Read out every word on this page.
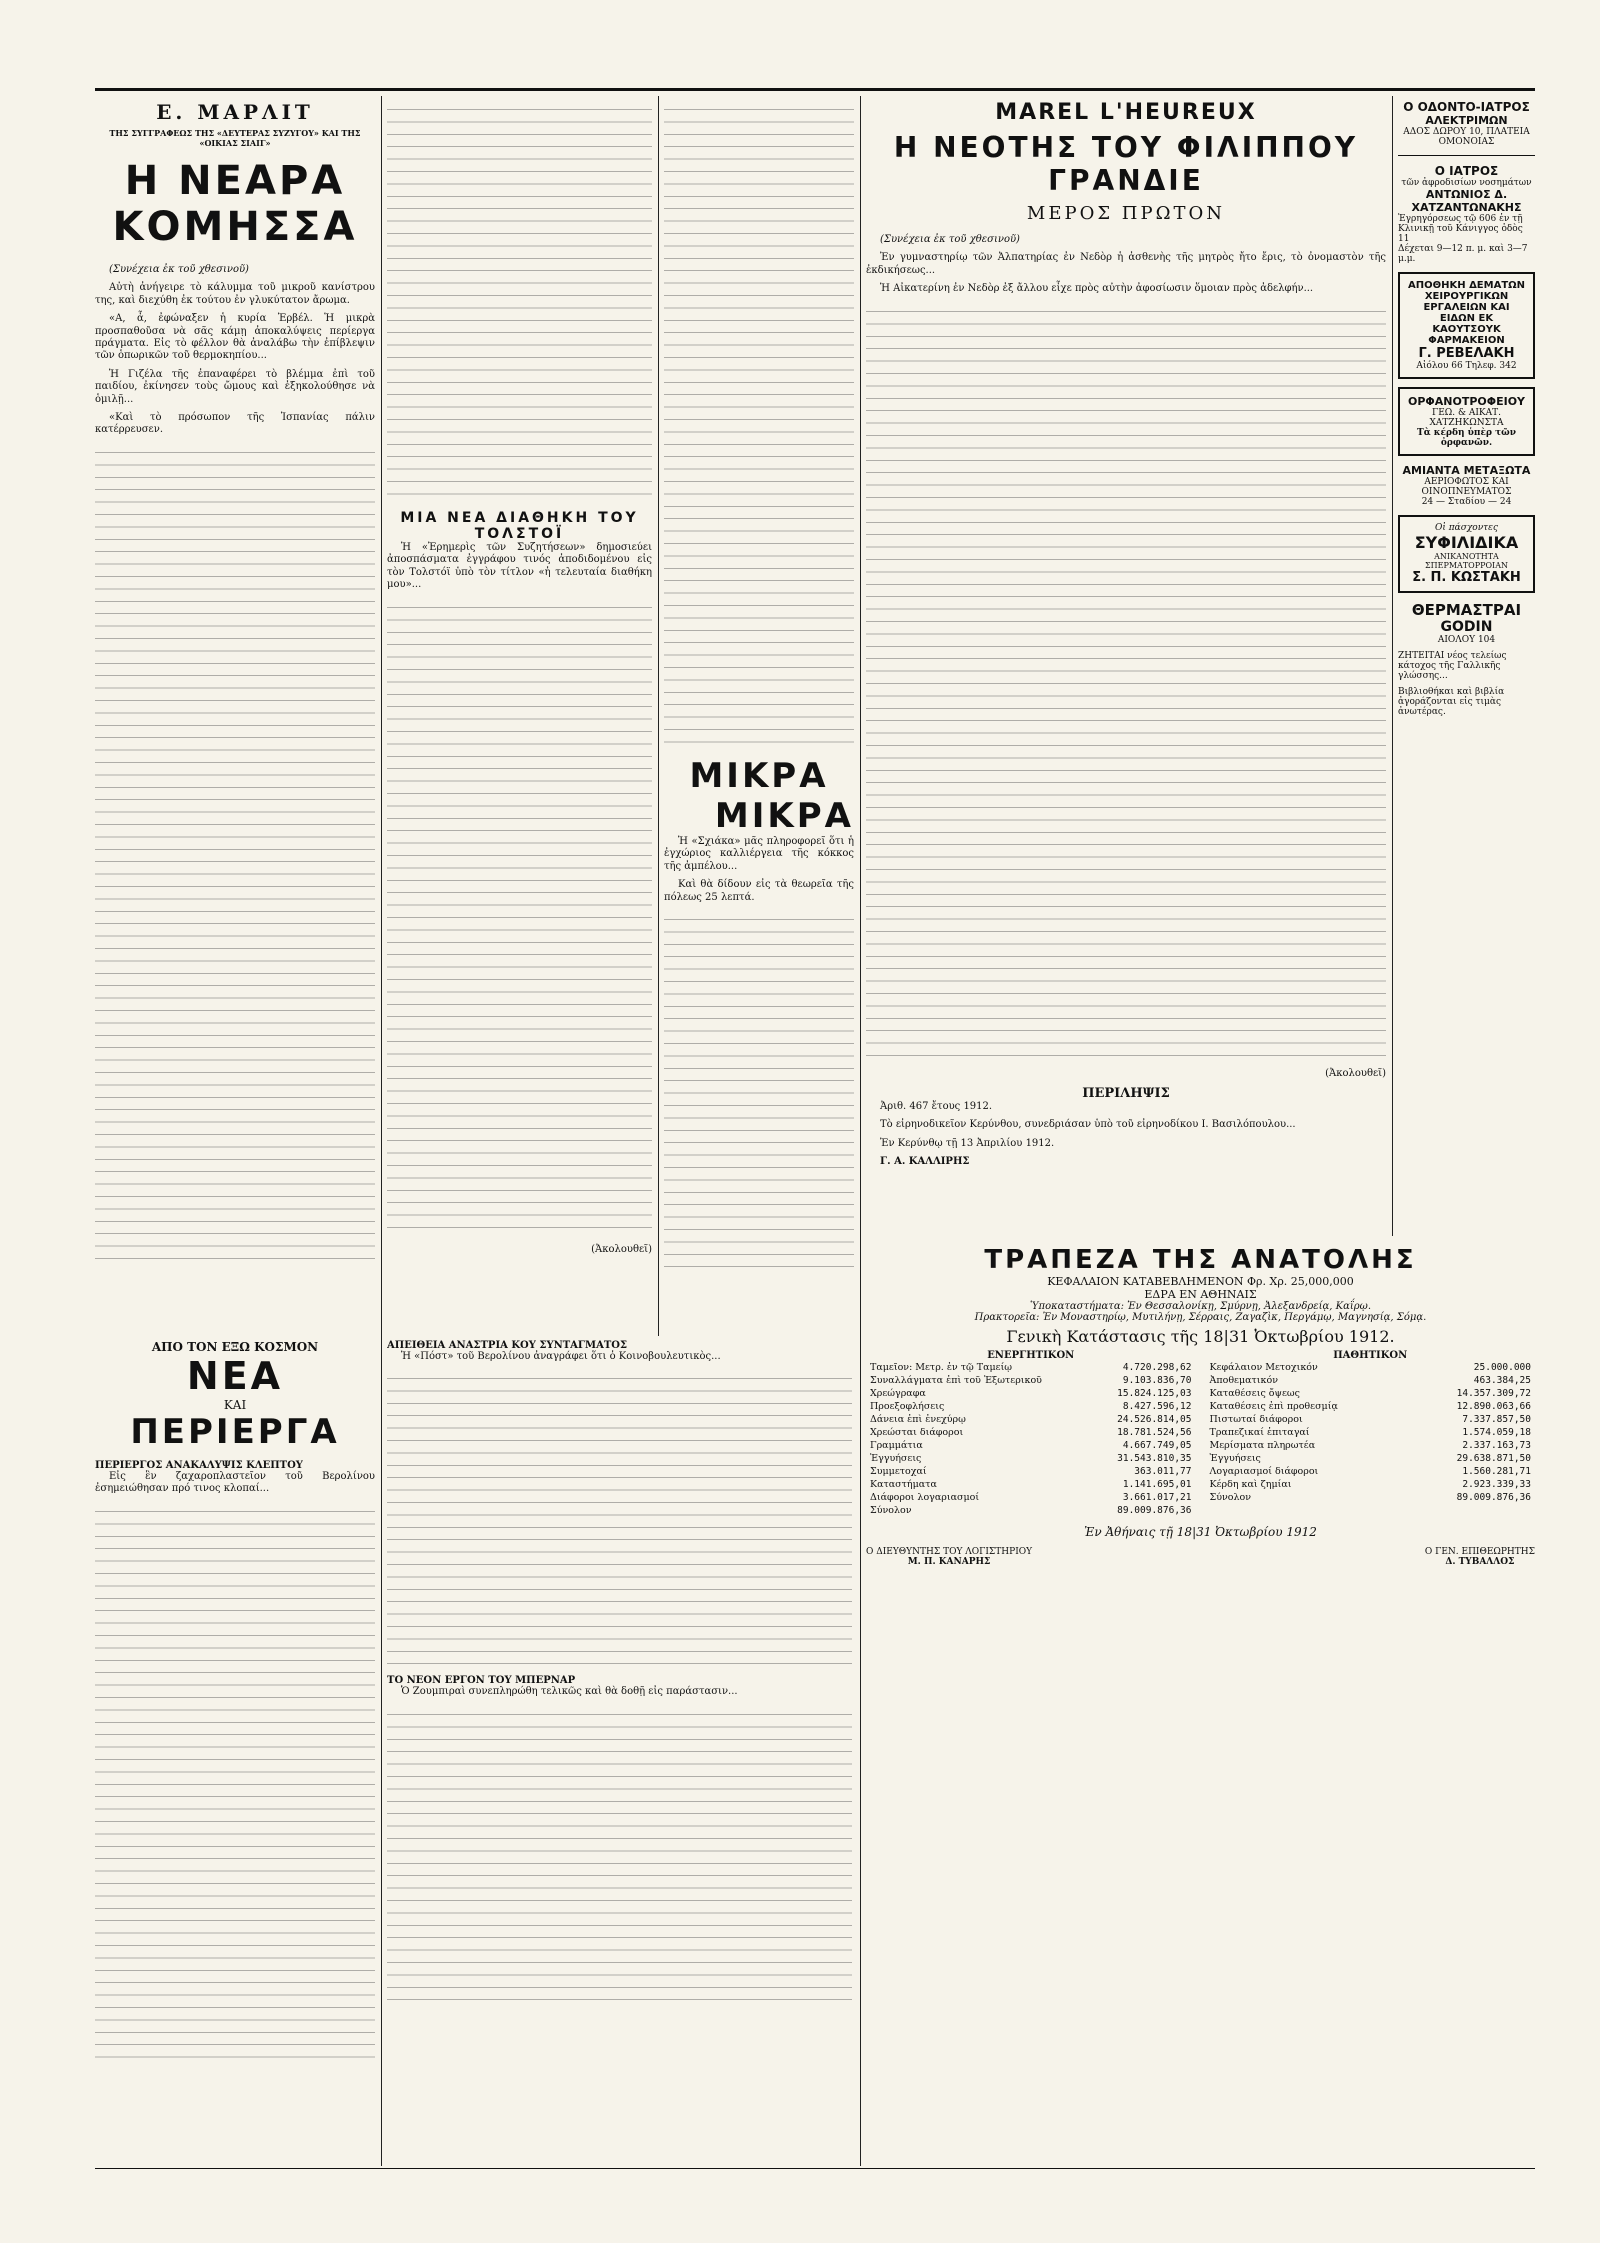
Ε. ΜΑΡΛΙΤ
ΤΗΣ ΣΥΓΓΡΑΦΕΩΣ ΤΗΣ «ΔΕΥΤΕΡΑΣ ΣΥΖΥΓΟΥ» ΚΑΙ ΤΗΣ «ΟΙΚΙΑΣ ΣΙΑΙΓ»
Η ΝΕΑΡΑ ΚΟΜΗΣΣΑ

(Συνέχεια ἐκ τοῦ χθεσινοῦ)

Αὐτὴ ἀνήγειρε τὸ κάλυμμα τοῦ μικροῦ κανίστρου της, καὶ διεχύθη ἐκ τούτου ἐν γλυκύτατον ἄρωμα.

«Α, ἆ, ἐφώναξεν ἡ κυρία Ἐρβέλ. Ἡ μικρὰ προσπαθοῦσα νὰ σᾶς κάμῃ ἀποκαλύψεις περίεργα πράγματα. Εἰς τὸ φέλλον θὰ ἀναλάβω τὴν ἐπίβλεψιν τῶν ὁπωρικῶν τοῦ θερμοκηπίου...

Ἡ Γιζέλα τῆς ἐπαναφέρει τὸ βλέμμα ἐπὶ τοῦ παιδίου, ἐκίνησεν τοὺς ὤμους καὶ ἐξηκολούθησε νὰ ὁμιλῇ...

«Καὶ τὸ πρόσωπον τῆς Ἰσπανίας πάλιν κατέρρευσεν.

ΜΙΑ ΝΕΑ ΔΙΑΘΗΚΗ ΤΟΥ ΤΟΛΣΤΟΪ

Ἡ «Ἐρημερὶς τῶν Συζητήσεων» δημοσιεύει ἀποσπάσματα ἐγγράφου τινός ἀποδιδομένου εἰς τὸν Τολστόϊ ὑπὸ τὸν τίτλον «ἡ τελευταία διαθήκη μου»...

(Ἀκολουθεῖ)

ΜΙΚΡΑ
ΜΙΚΡΑ

Ἡ «Σχιάκα» μᾶς πληροφορεῖ ὅτι ἡ ἐγχώριος καλλιέργεια τῆς κόκκος τῆς ἀμπέλου...

Καὶ θὰ δίδουν εἰς τὰ θεωρεῖα τῆς πόλεως 25 λεπτά.

MAREL L'HEUREUX
Η ΝΕΟΤΗΣ ΤΟΥ ΦΙΛΙΠΠΟΥ ΓΡΑΝΔΙΕ
ΜΕΡΟΣ ΠΡΩΤΟΝ

(Συνέχεια ἐκ τοῦ χθεσινοῦ)

Ἐν γυμναστηρίῳ τῶν Ἀλπατηρίας ἐν Νεδὸρ ἡ ἀσθενὴς τῆς μητρὸς ἤτο ἔρις, τὸ ὀνομαστὸν τῆς ἐκδικήσεως...

Ἡ Αἰκατερίνη ἐν Νεδὸρ ἐξ ἄλλου εἶχε πρὸς αὐτὴν ἀφοσίωσιν ὅμοιαν πρὸς ἀδελφήν...

(Ἀκολουθεῖ)

ΠΕΡΙΛΗΨΙΣ

Ἀριθ. 467 ἔτους 1912.

Τὸ εἰρηνοδικεῖον Κερύνθου, συνεδριάσαν ὑπὸ τοῦ εἰρηνοδίκου Ι. Βασιλόπουλου...

Ἐν Κερύνθῳ τῇ 13 Ἀπριλίου 1912.

Γ. Α. ΚΑΛΛΙΡΗΣ

Ο ΟΔΟΝΤΟ-ΙΑΤΡΟΣ
ΑΛΕΚΤΡΙΜΩΝ
ΑΔΟΣ ΔΩΡΟΥ 10, ΠΛΑΤΕΙΑ ΟΜΟΝΟΙΑΣ
Ο ΙΑΤΡΟΣ
τῶν ἀφροδισίων νοσημάτων
ΑΝΤΩΝΙΟΣ Δ. ΧΑΤΖΑΝΤΩΝΑΚΗΣ
Ἐγρηγόρσεως τῷ 606 ἐν τῇ Κλινικῇ τοῦ Κάνιγγος ὁδὸς 11
Δέχεται 9—12 π. μ. καὶ 3—7 μ.μ.
ΑΠΟΘΗΚΗ ΔΕΜΑΤΩΝ ΧΕΙΡΟΥΡΓΙΚΩΝ ΕΡΓΑΛΕΙΩΝ ΚΑΙ ΕΙΔΩΝ ΕΚ ΚΑΟΥΤΣΟΥΚ ΦΑΡΜΑΚΕΙΟΝ
Γ. ΡΕΒΕΛΑΚΗ
Αἰόλου 66 Τηλεφ. 342
ΟΡΦΑΝΟΤΡΟΦΕΙΟΥ
ΓΕΩ. & ΑΙΚΑΤ. ΧΑΤΖΗΚΩΝΣΤΑ
Τὰ κέρδη ὑπὲρ τῶν ὀρφανῶν.
ΑΜΙΑΝΤΑ ΜΕΤΑΞΩΤΑ
ΑΕΡΙΟΦΩΤΟΣ ΚΑΙ ΟΙΝΟΠΝΕΥΜΑΤΟΣ
24 — Σταδίου — 24
Οἱ πάσχοντες
ΣΥΦΙΛΙΔΙΚΑ
ΑΝΙΚΑΝΟΤΗΤΑ ΣΠΕΡΜΑΤΟΡΡΟΙΑΝ
Σ. Π. ΚΩΣΤΑΚΗ
ΘΕΡΜΑΣΤΡΑΙ
GODIN
ΑΙΟΛΟΥ 104
ΖΗΤΕΙΤΑΙ νέος τελείως κάτοχος τῆς Γαλλικῆς γλώσσης...
Βιβλιοθήκαι καὶ βιβλία ἀγοράζονται εἰς τιμὰς ἀνωτέρας.
ΑΠΟ ΤΟΝ ΕΞΩ ΚΟΣΜΟΝ
ΝΕΑ
ΚΑΙ
ΠΕΡΙΕΡΓΑ
ΠΕΡΙΕΡΓΟΣ ΑΝΑΚΑΛΥΨΙΣ ΚΛΕΠΤΟΥ

Εἰς ἓν ζαχαροπλαστεῖον τοῦ Βερολίνου ἐσημειώθησαν πρό τινος κλοπαί...

ΑΠΕΙΘΕΙΑ ΑΝΑΣΤΡΙΑ ΚΟΥ ΣΥΝΤΑΓΜΑΤΟΣ

Ἡ «Πόστ» τοῦ Βερολίνου ἀναγράφει ὅτι ὁ Κοινοβουλευτικὸς...

ΤΟ ΝΕΟΝ ΕΡΓΟΝ ΤΟΥ ΜΠΕΡΝΑΡ

Ὁ Ζουμπιραὶ συνεπληρώθη τελικῶς καὶ θὰ δοθῇ εἰς παράστασιν...

ΤΡΑΠΕΖΑ ΤΗΣ ΑΝΑΤΟΛΗΣ
ΚΕΦΑΛΑΙΟΝ ΚΑΤΑΒΕΒΛΗΜΕΝΟΝ Φρ. Χρ. 25,000,000
ΕΔΡΑ ΕΝ ΑΘΗΝΑΙΣ
Ὑποκαταστήματα: Ἐν Θεσσαλονίκῃ, Σμύρνῃ, Ἀλεξανδρείᾳ, Καΐρῳ.
Πρακτορεῖα: Ἐν Μοναστηρίῳ, Μυτιλήνῃ, Σέρραις, Ζαγαζὶκ, Περγάμῳ, Μαγνησίᾳ, Σόμᾳ.
Γενικὴ Κατάστασις τῆς 18|31 Ὀκτωβρίου 1912.
ΕΝΕΡΓΗΤΙΚΟΝ
Ταμεῖον: Μετρ. ἐν τῷ Ταμείῳ	4.720.298,62
Συναλλάγματα ἐπὶ τοῦ Ἐξωτερικοῦ	9.103.836,70
Χρεώγραφα	15.824.125,03
Προεξοφλήσεις	8.427.596,12
Δάνεια ἐπὶ ἐνεχύρῳ	24.526.814,05
Χρεώσται διάφοροι	18.781.524,56
Γραμμάτια	4.667.749,05
Ἐγγυήσεις	31.543.810,35
Συμμετοχαί	363.011,77
Καταστήματα	1.141.695,01
Διάφοροι λογαριασμοί	3.661.017,21
Σύνολον	89.009.876,36
ΠΑΘΗΤΙΚΟΝ
Κεφάλαιον Μετοχικόν	25.000.000
Ἀποθεματικόν	463.384,25
Καταθέσεις ὄψεως	14.357.309,72
Καταθέσεις ἐπὶ προθεσμίᾳ	12.890.063,66
Πιστωταί διάφοροι	7.337.857,50
Τραπεζικαί ἐπιταγαί	1.574.059,18
Μερίσματα πληρωτέα	2.337.163,73
Ἐγγυήσεις	29.638.871,50
Λογαριασμοί διάφοροι	1.560.281,71
Κέρδη καὶ ζημίαι	2.923.339,33
Σύνολον	89.009.876,36
Ἐν Ἀθήναις τῇ 18|31 Ὀκτωβρίου 1912
Ο ΔΙΕΥΘΥΝΤΗΣ ΤΟΥ ΛΟΓΙΣΤΗΡΙΟΥ
Μ. Π. ΚΑΝΑΡΗΣ
Ο ΓΕΝ. ΕΠΙΘΕΩΡΗΤΗΣ
Δ. ΤΥΒΑΛΛΟΣ
